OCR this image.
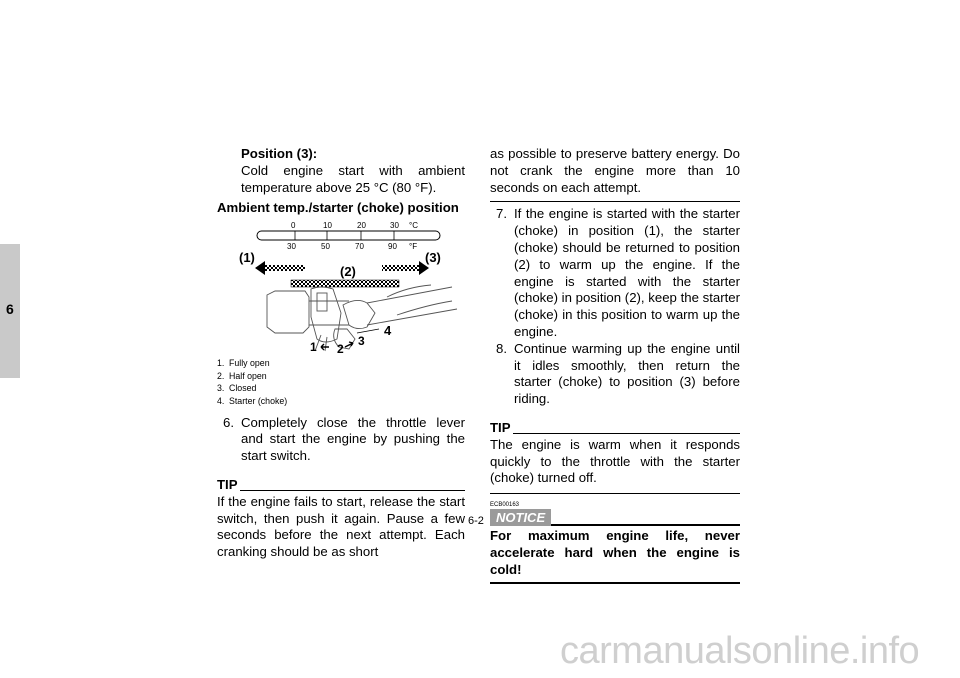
6
Position (3):
Cold engine start with ambient temperature above 25 °C (80 °F).
Ambient temp./starter (choke) position
0	10	20	30 °C
30	50	70	90 °F
(1)	(3)
(2)
4
1 2
3
1. Fully open
2. Half open
3. Closed
4. Starter (choke)
6. Completely close the throttle lever and start the engine by pushing the start switch.
TIP
If the engine fails to start, release the start switch, then push it again. Pause a few seconds before the next attempt. Each cranking should be as short
as possible to preserve battery energy. Do not crank the engine more than 10 seconds on each attempt.
7. If the engine is started with the starter (choke) in position (1), the starter (choke) should be returned to position (2) to warm up the engine. If the engine is started with the starter (choke) in position (2), keep the starter (choke) in this position to warm up the engine.
8. Continue warming up the engine until it idles smoothly, then return the starter (choke) to position (3) before riding.
TIP
The engine is warm when it responds quickly to the throttle with the starter (choke) turned off.
ECB00163
NOTICE
For maximum engine life, never accelerate hard when the engine is cold!
6-2
carmanualsonline.info
